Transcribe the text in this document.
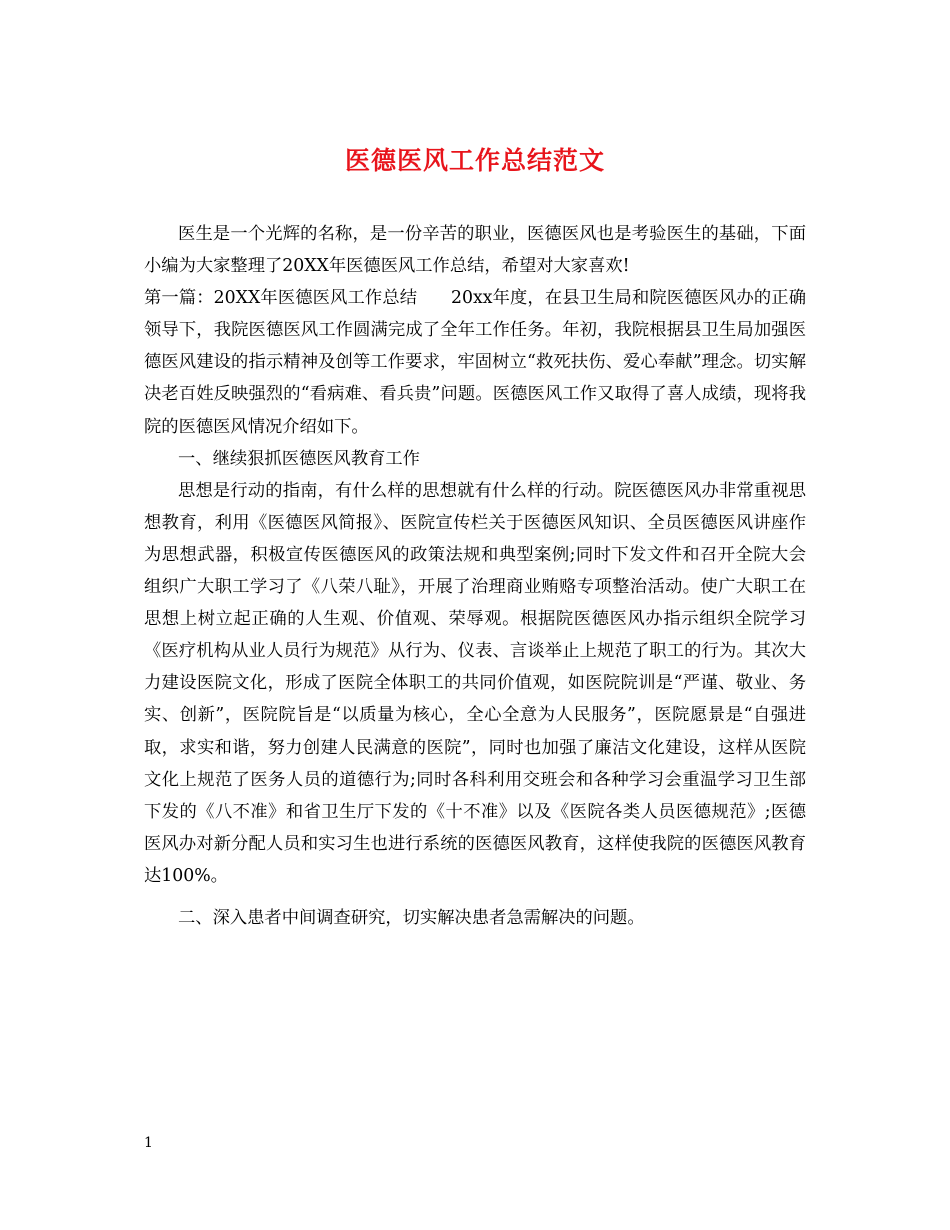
医德医风工作总结范文

医生是一个光辉的名称，是一份辛苦的职业，医德医风也是考验医生的基础，下面小编为大家整理了20XX年医德医风工作总结，希望对大家喜欢!

第一篇：20XX年医德医风工作总结      20xx年度，在县卫生局和院医德医风办的正确领导下，我院医德医风工作圆满完成了全年工作任务。年初，我院根据县卫生局加强医德医风建设的指示精神及创等工作要求，牢固树立“救死扶伤、爱心奉献”理念。切实解决老百姓反映强烈的“看病难、看兵贵”问题。医德医风工作又取得了喜人成绩，现将我院的医德医风情况介绍如下。

一、继续狠抓医德医风教育工作

思想是行动的指南，有什么样的思想就有什么样的行动。院医德医风办非常重视思想教育，利用《医德医风简报》、医院宣传栏关于医德医风知识、全员医德医风讲座作为思想武器，积极宣传医德医风的政策法规和典型案例;同时下发文件和召开全院大会组织广大职工学习了《八荣八耻》，开展了治理商业贿赂专项整治活动。使广大职工在思想上树立起正确的人生观、价值观、荣辱观。根据院医德医风办指示组织全院学习《医疗机构从业人员行为规范》从行为、仪表、言谈举止上规范了职工的行为。其次大力建设医院文化，形成了医院全体职工的共同价值观，如医院院训是“严谨、敬业、务实、创新”，医院院旨是“以质量为核心，全心全意为人民服务”，医院愿景是“自强进取，求实和谐，努力创建人民满意的医院”，同时也加强了廉洁文化建设，这样从医院文化上规范了医务人员的道德行为;同时各科利用交班会和各种学习会重温学习卫生部下发的《八不准》和省卫生厅下发的《十不准》以及《医院各类人员医德规范》;医德医风办对新分配人员和实习生也进行系统的医德医风教育，这样使我院的医德医风教育达100%。

二、深入患者中间调查研究，切实解决患者急需解决的问题。

1
